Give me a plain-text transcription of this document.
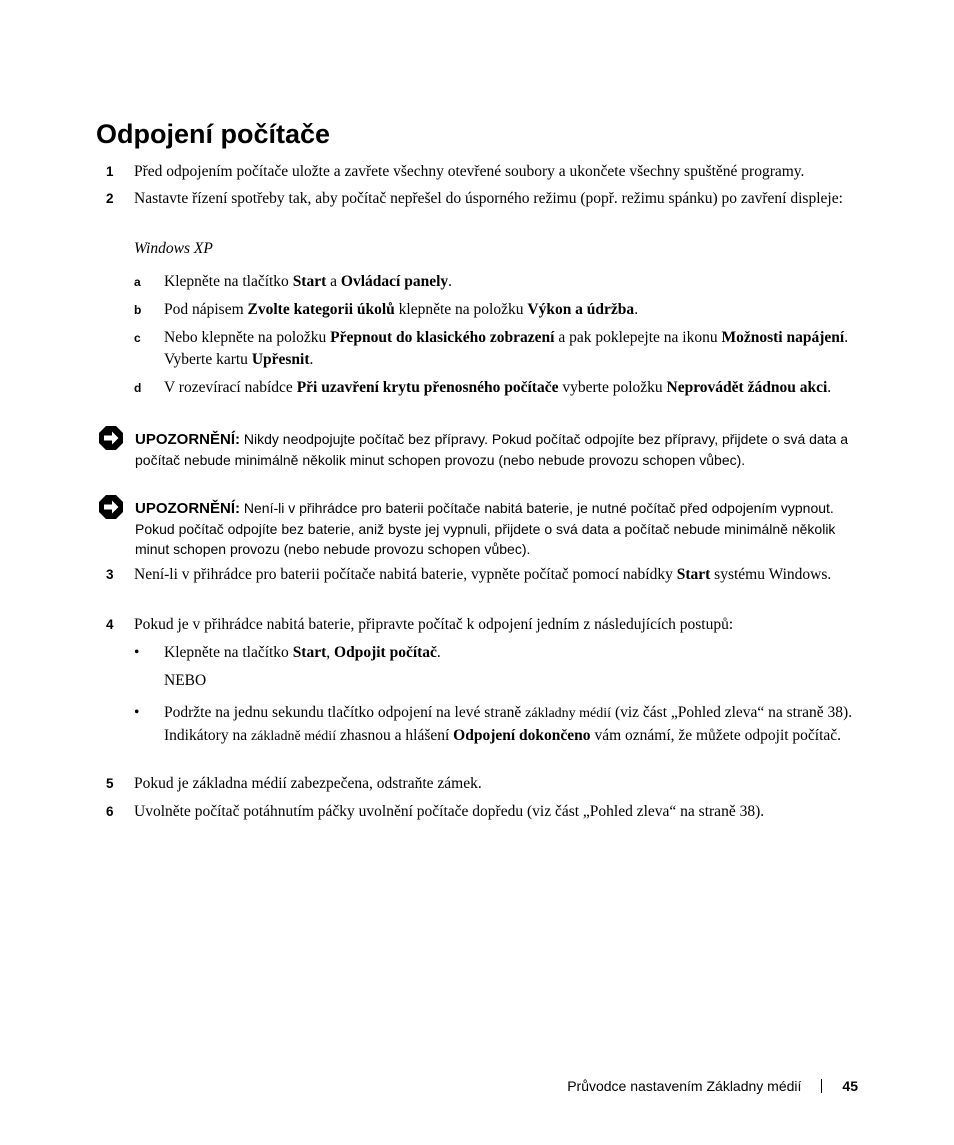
Odpojení počítače
1	Před odpojením počítače uložte a zavřete všechny otevřené soubory a ukončete všechny spuštěné programy.
2	Nastavte řízení spotřeby tak, aby počítač nepřešel do úsporného režimu (popř. režimu spánku) po zavření displeje:
Windows XP
a	Klepněte na tlačítko Start a Ovládací panely.
b	Pod nápisem Zvolte kategorii úkolů klepněte na položku Výkon a údržba.
c	Nebo klepněte na položku Přepnout do klasického zobrazení a pak poklepejte na ikonu Možnosti napájení. Vyberte kartu Upřesnit.
d	V rozevírací nabídce Při uzavření krytu přenosného počítače vyberte položku Neprovádět žádnou akci.
UPOZORNĚNÍ: Nikdy neodpojujte počítač bez přípravy. Pokud počítač odpojíte bez přípravy, přijdete o svá data a počítač nebude minimálně několik minut schopen provozu (nebo nebude provozu schopen vůbec).
UPOZORNĚNÍ: Není-li v přihrádce pro baterii počítače nabitá baterie, je nutné počítač před odpojením vypnout. Pokud počítač odpojíte bez baterie, aniž byste jej vypnuli, přijdete o svá data a počítač nebude minimálně několik minut schopen provozu (nebo nebude provozu schopen vůbec).
3	Není-li v přihrádce pro baterii počítače nabitá baterie, vypněte počítač pomocí nabídky Start systému Windows.
4	Pokud je v přihrádce nabitá baterie, připravte počítač k odpojení jedním z následujících postupů:
•	Klepněte na tlačítko Start, Odpojit počítač.
NEBO
•	Podržte na jednu sekundu tlačítko odpojení na levé straně základny médií (viz část „Pohled zleva“ na straně 38). Indikátory na základně médií zhasnou a hlášení Odpojení dokončeno vám oznámí, že můžete odpojit počítač.
5	Pokud je základna médií zabezpečena, odstraňte zámek.
6	Uvolněte počítač potáhnutím páčky uvolnění počítače dopředu (viz část „Pohled zleva“ na straně 38).
Průvodce nastavením Základny médií	45
